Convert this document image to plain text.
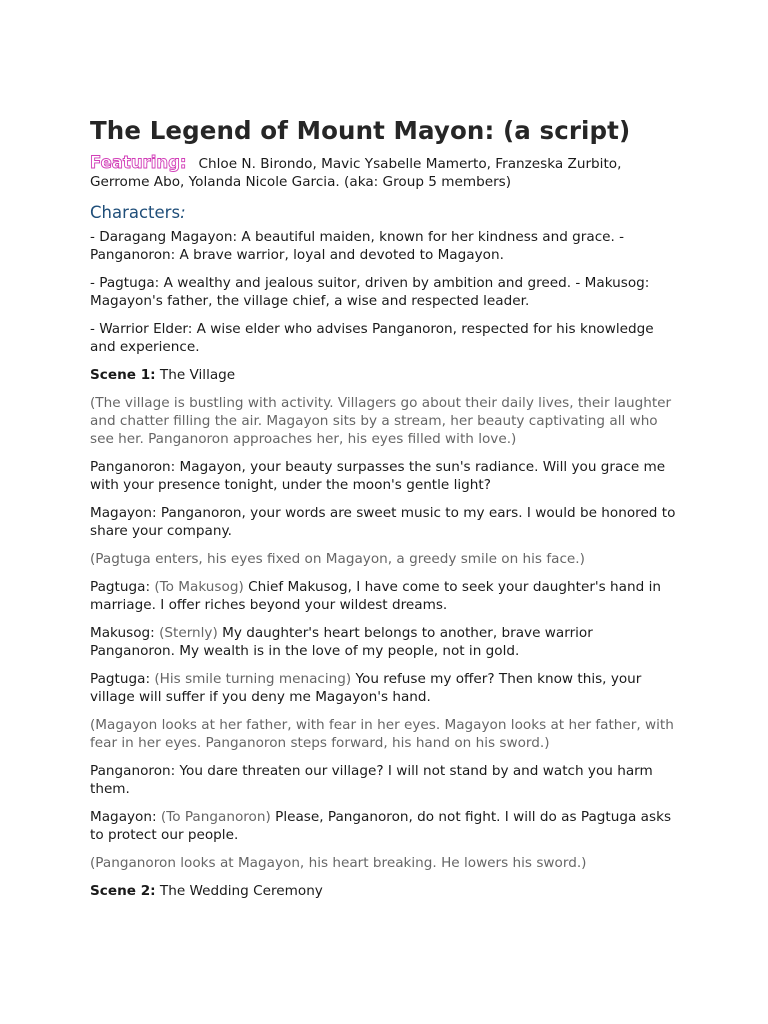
The Legend of Mount Mayon: (a script)

Featuring: Chloe N. Birondo, Mavic Ysabelle Mamerto, Franzeska Zurbito,
Gerrome Abo, Yolanda Nicole Garcia. (aka: Group 5 members)

Characters:

- Daragang Magayon: A beautiful maiden, known for her kindness and grace. - Panganoron: A brave warrior, loyal and devoted to Magayon.

- Pagtuga: A wealthy and jealous suitor, driven by ambition and greed. - Makusog: Magayon's father, the village chief, a wise and respected leader.

- Warrior Elder: A wise elder who advises Panganoron, respected for his knowledge and experience.

Scene 1: The Village

(The village is bustling with activity. Villagers go about their daily lives, their laughter and chatter filling the air. Magayon sits by a stream, her beauty captivating all who see her. Panganoron approaches her, his eyes filled with love.)

Panganoron: Magayon, your beauty surpasses the sun's radiance. Will you grace me with your presence tonight, under the moon's gentle light?

Magayon: Panganoron, your words are sweet music to my ears. I would be honored to share your company.

(Pagtuga enters, his eyes fixed on Magayon, a greedy smile on his face.)

Pagtuga: (To Makusog) Chief Makusog, I have come to seek your daughter's hand in marriage. I offer riches beyond your wildest dreams.

Makusog: (Sternly) My daughter's heart belongs to another, brave warrior Panganoron. My wealth is in the love of my people, not in gold.

Pagtuga: (His smile turning menacing) You refuse my offer? Then know this, your village will suffer if you deny me Magayon's hand.

(Magayon looks at her father, with fear in her eyes. Magayon looks at her father, with fear in her eyes. Panganoron steps forward, his hand on his sword.)

Panganoron: You dare threaten our village? I will not stand by and watch you harm them.

Magayon: (To Panganoron) Please, Panganoron, do not fight. I will do as Pagtuga asks to protect our people.

(Panganoron looks at Magayon, his heart breaking. He lowers his sword.)

Scene 2: The Wedding Ceremony
